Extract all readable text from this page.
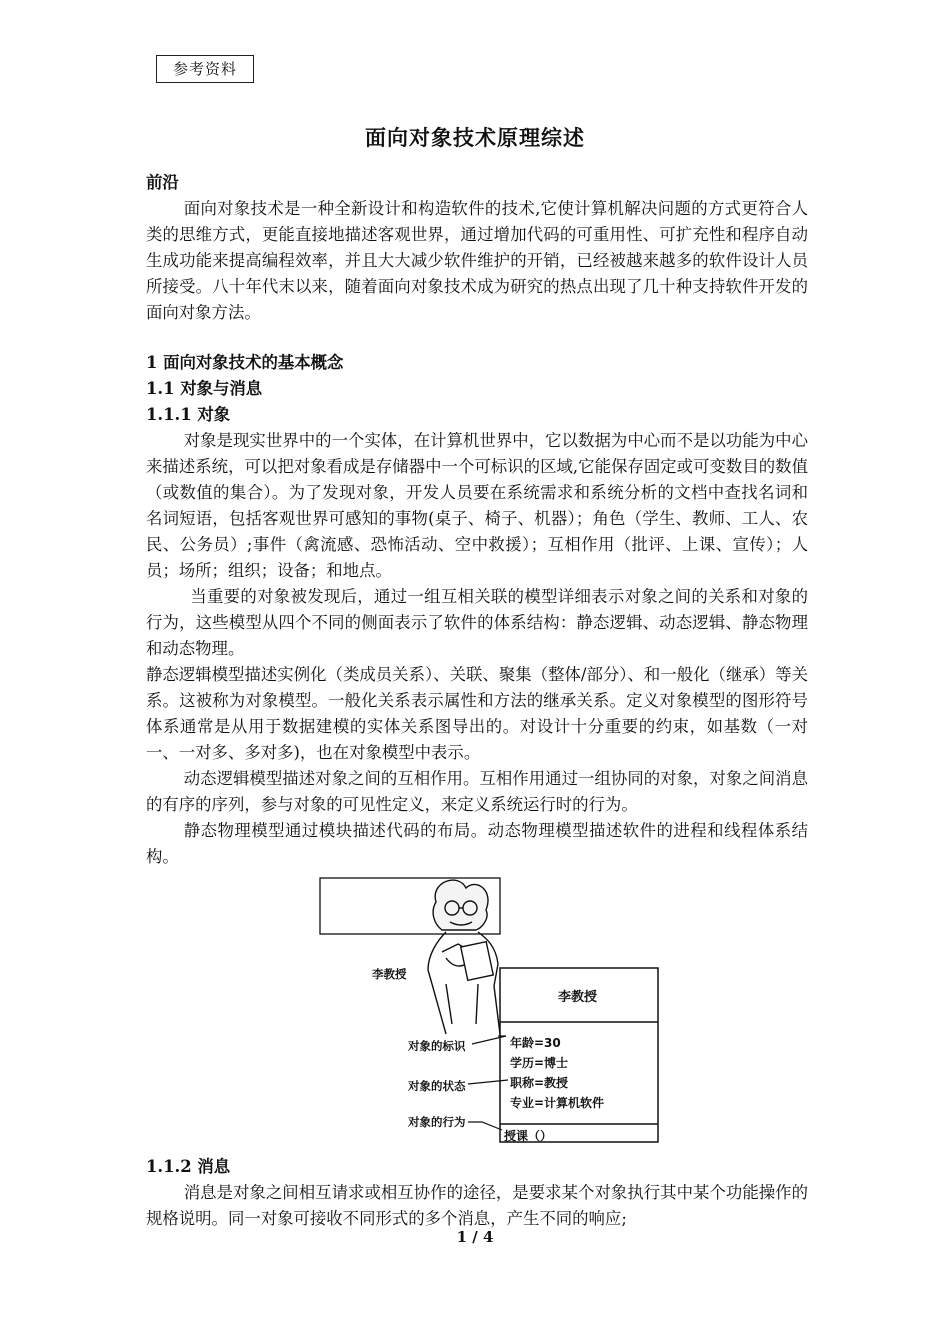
参考资料
面向对象技术原理综述

前沿

面向对象技术是一种全新设计和构造软件的技术,它使计算机解决问题的方式更符合人类的思维方式，更能直接地描述客观世界，通过增加代码的可重用性、可扩充性和程序自动生成功能来提高编程效率，并且大大减少软件维护的开销，已经被越来越多的软件设计人员所接受。八十年代末以来，随着面向对象技术成为研究的热点出现了几十种支持软件开发的面向对象方法。

1 面向对象技术的基本概念

1.1 对象与消息

1.1.1 对象

对象是现实世界中的一个实体，在计算机世界中，它以数据为中心而不是以功能为中心来描述系统，可以把对象看成是存储器中一个可标识的区域,它能保存固定或可变数目的数值（或数值的集合）。为了发现对象，开发人员要在系统需求和系统分析的文档中查找名词和名词短语，包括客观世界可感知的事物(桌子、椅子、机器）；角色（学生、教师、工人、农民、公务员）;事件（禽流感、恐怖活动、空中救援）；互相作用（批评、上课、宣传）；人员；场所；组织；设备；和地点。

当重要的对象被发现后，通过一组互相关联的模型详细表示对象之间的关系和对象的行为，这些模型从四个不同的侧面表示了软件的体系结构：静态逻辑、动态逻辑、静态物理和动态物理。

静态逻辑模型描述实例化（类成员关系）、关联、聚集（整体/部分）、和一般化（继承）等关系。这被称为对象模型。一般化关系表示属性和方法的继承关系。定义对象模型的图形符号体系通常是从用于数据建模的实体关系图导出的。对设计十分重要的约束，如基数（一对一、一对多、多对多)，也在对象模型中表示。

动态逻辑模型描述对象之间的互相作用。互相作用通过一组协同的对象，对象之间消息的有序的序列，参与对象的可见性定义，来定义系统运行时的行为。

静态物理模型通过模块描述代码的布局。动态物理模型描述软件的进程和线程体系结构。

李教授
李教授
对象的标识
对象的状态
对象的行为
年龄=30
学历=博士
职称=教授
专业=计算机软件
授课（）

1.1.2 消息

消息是对象之间相互请求或相互协作的途径，是要求某个对象执行其中某个功能操作的规格说明。同一对象可接收不同形式的多个消息，产生不同的响应;

1 / 4
